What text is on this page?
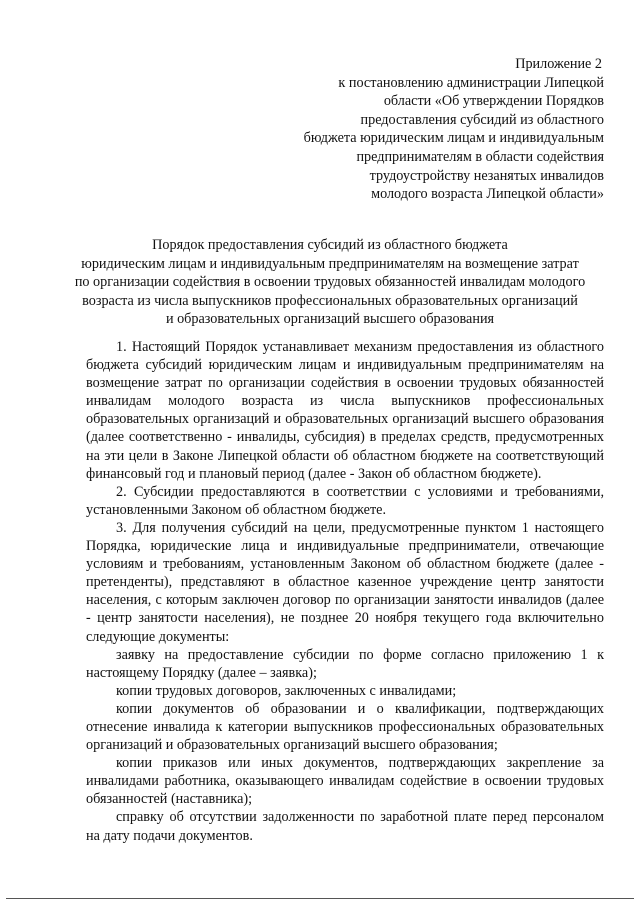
Приложение 2
к постановлению администрации Липецкой
области «Об утверждении Порядков
предоставления субсидий из областного
бюджета юридическим лицам и индивидуальным
предпринимателям в области содействия
трудоустройству незанятых инвалидов
молодого возраста Липецкой области»
Порядок предоставления субсидий из областного бюджета
юридическим лицам и индивидуальным предпринимателям на возмещение затрат
по организации содействия в освоении трудовых обязанностей инвалидам молодого
возраста из числа выпускников профессиональных образовательных организаций
и образовательных организаций высшего образования

1. Настоящий Порядок устанавливает механизм предоставления из областного бюджета субсидий юридическим лицам и индивидуальным предпринимателям на возмещение затрат по организации содействия в освоении трудовых обязанностей инвалидам молодого возраста из числа выпускников профессиональных образовательных организаций и образовательных организаций высшего образования (далее соответственно - инвалиды, субсидия) в пределах средств, предусмотренных на эти цели в Законе Липецкой области об областном бюджете на соответствующий финансовый год и плановый период (далее - Закон об областном бюджете).

2. Субсидии предоставляются в соответствии с условиями и требованиями, установленными Законом об областном бюджете.

3. Для получения субсидий на цели, предусмотренные пунктом 1 настоящего Порядка, юридические лица и индивидуальные предприниматели, отвечающие условиям и требованиям, установленным Законом об областном бюджете (далее - претенденты), представляют в областное казенное учреждение центр занятости населения, с которым заключен договор по организации занятости инвалидов (далее - центр занятости населения), не позднее 20 ноября текущего года включительно следующие документы:

заявку на предоставление субсидии по форме согласно приложению 1 к настоящему Порядку (далее – заявка);

копии трудовых договоров, заключенных с инвалидами;

копии документов об образовании и о квалификации, подтверждающих отнесение инвалида к категории выпускников профессиональных образовательных организаций и образовательных организаций высшего образования;

копии приказов или иных документов, подтверждающих закрепление за инвалидами работника, оказывающего инвалидам содействие в освоении трудовых обязанностей (наставника);

справку об отсутствии задолженности по заработной плате перед персоналом на дату подачи документов.
